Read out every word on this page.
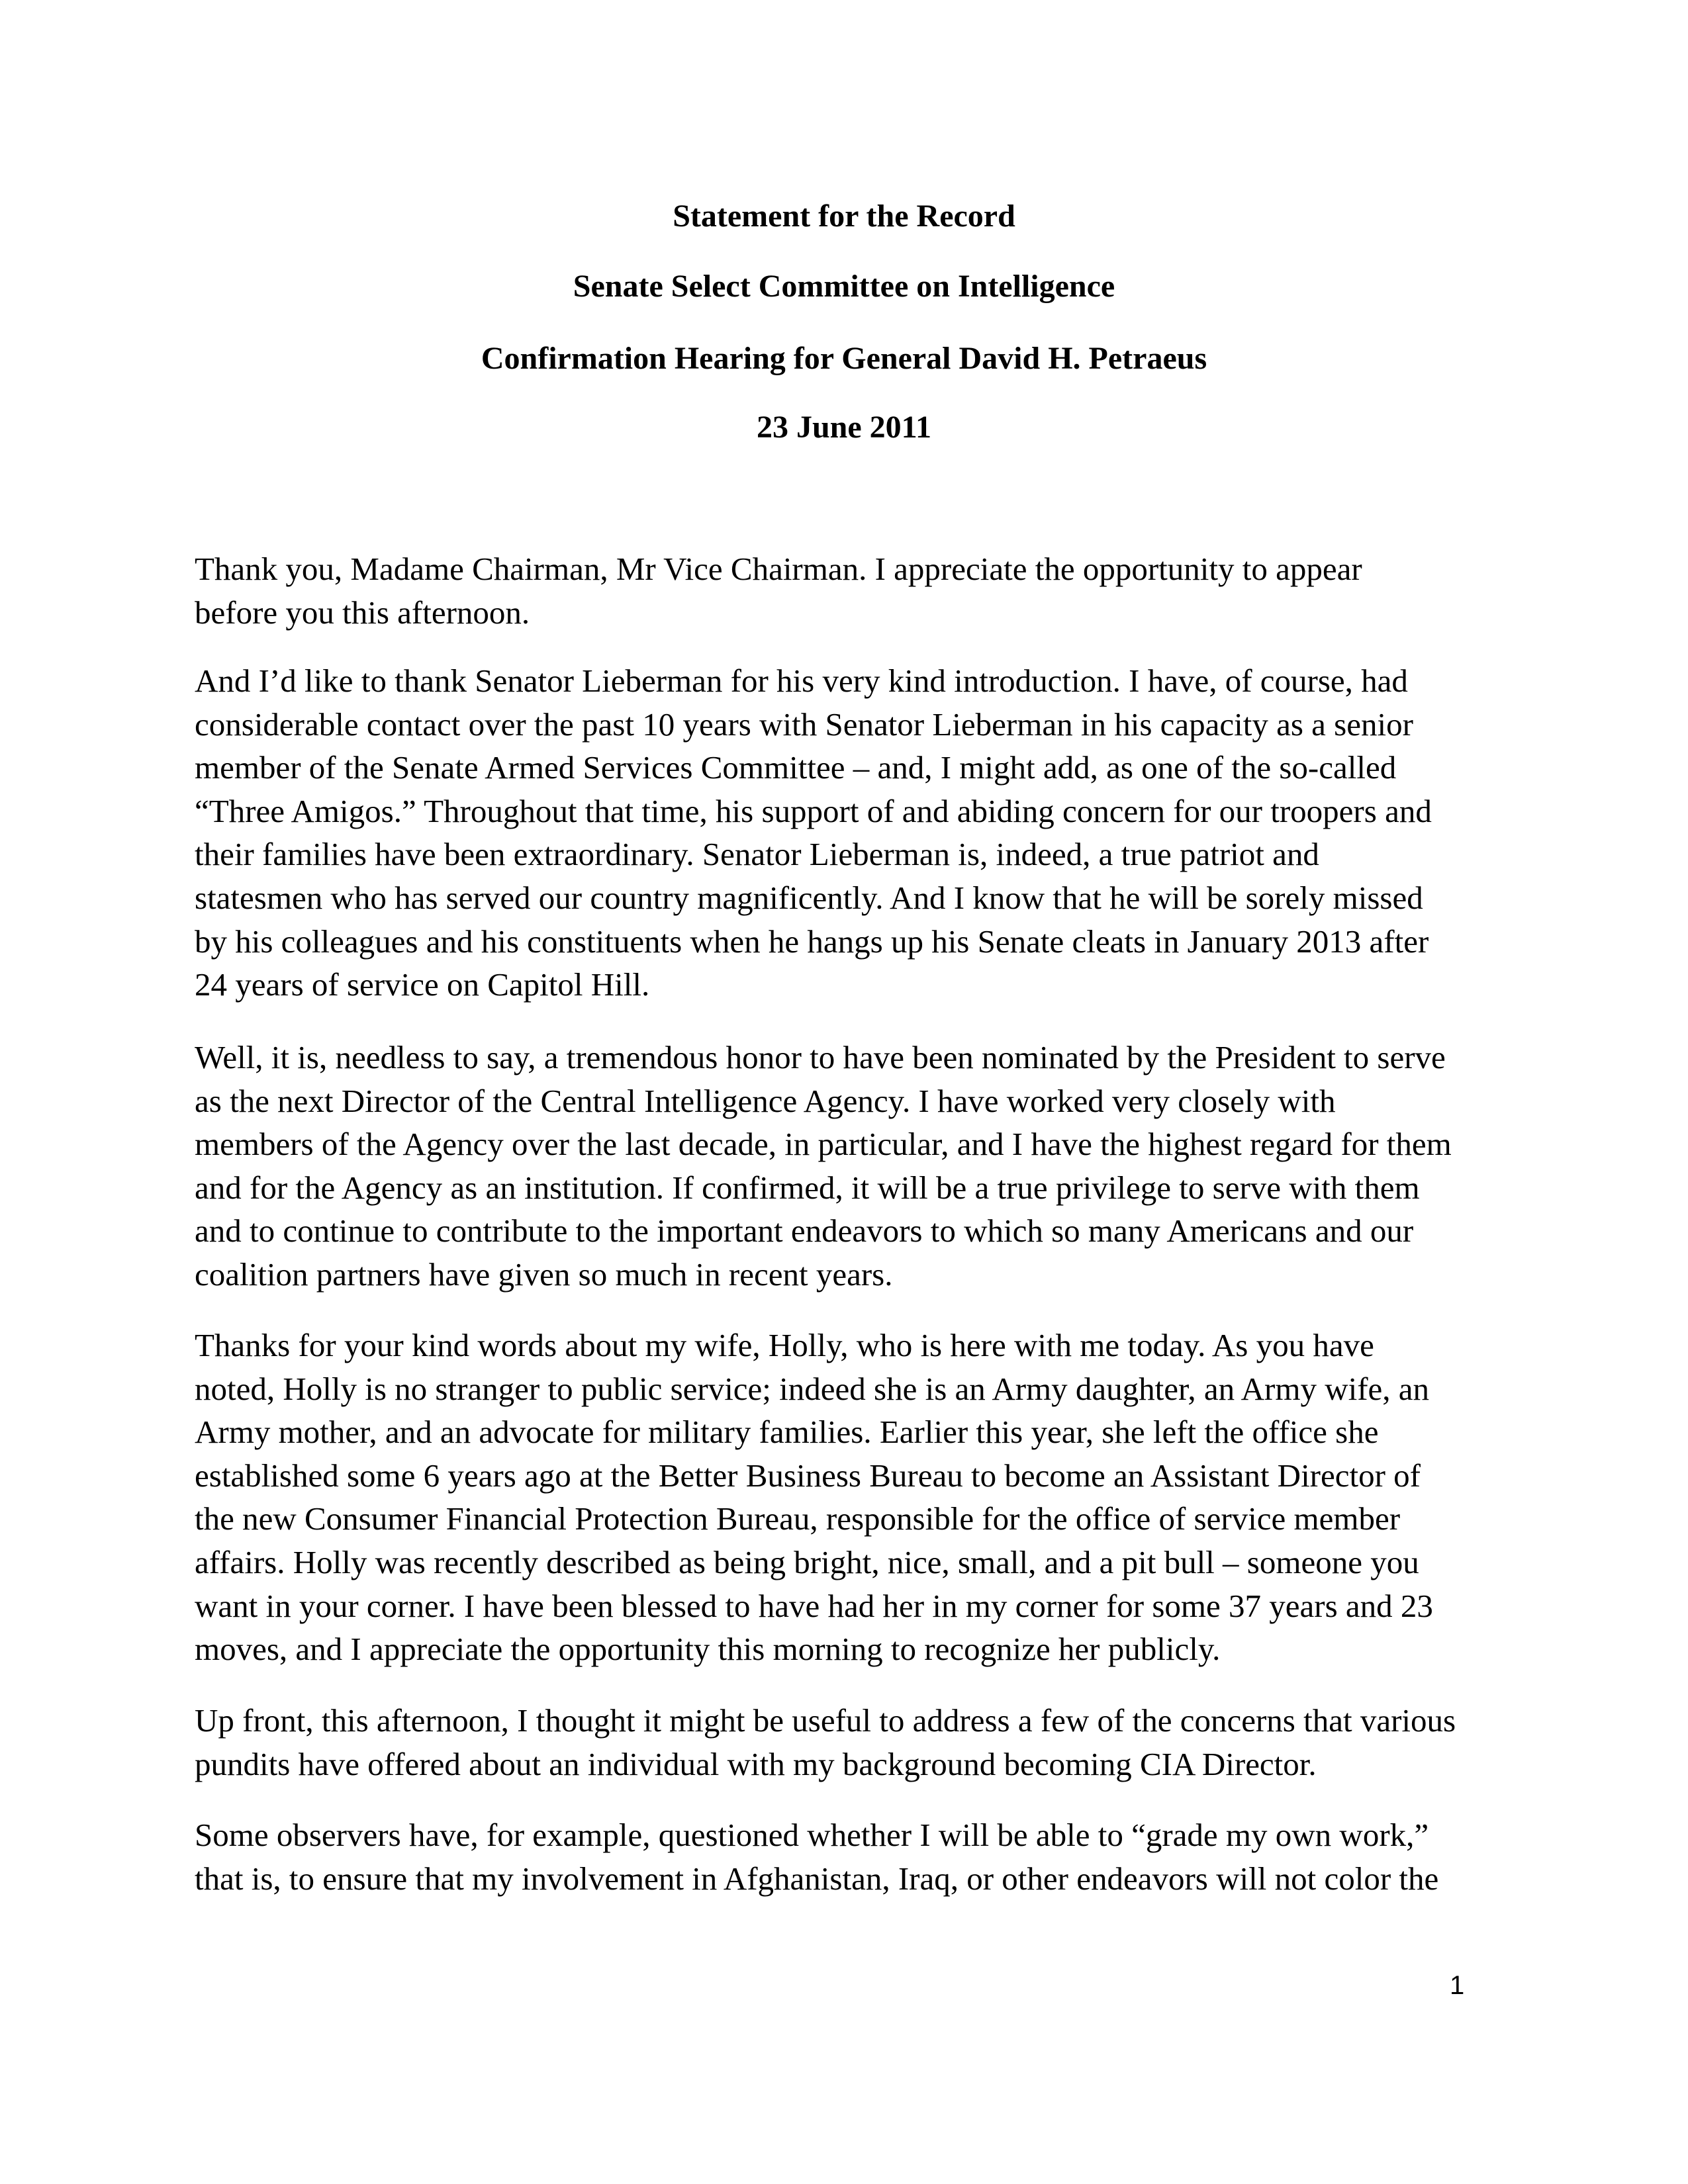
Statement for the Record
Senate Select Committee on Intelligence
Confirmation Hearing for General David H. Petraeus
23 June 2011
Thank you, Madame Chairman, Mr Vice Chairman. I appreciate the opportunity to appear
before you this afternoon.
And I’d like to thank Senator Lieberman for his very kind introduction. I have, of course, had
considerable contact over the past 10 years with Senator Lieberman in his capacity as a senior
member of the Senate Armed Services Committee – and, I might add, as one of the so-called
“Three Amigos.” Throughout that time, his support of and abiding concern for our troopers and
their families have been extraordinary. Senator Lieberman is, indeed, a true patriot and
statesmen who has served our country magnificently. And I know that he will be sorely missed
by his colleagues and his constituents when he hangs up his Senate cleats in January 2013 after
24 years of service on Capitol Hill.
Well, it is, needless to say, a tremendous honor to have been nominated by the President to serve
as the next Director of the Central Intelligence Agency. I have worked very closely with
members of the Agency over the last decade, in particular, and I have the highest regard for them
and for the Agency as an institution. If confirmed, it will be a true privilege to serve with them
and to continue to contribute to the important endeavors to which so many Americans and our
coalition partners have given so much in recent years.
Thanks for your kind words about my wife, Holly, who is here with me today. As you have
noted, Holly is no stranger to public service; indeed she is an Army daughter, an Army wife, an
Army mother, and an advocate for military families. Earlier this year, she left the office she
established some 6 years ago at the Better Business Bureau to become an Assistant Director of
the new Consumer Financial Protection Bureau, responsible for the office of service member
affairs. Holly was recently described as being bright, nice, small, and a pit bull – someone you
want in your corner. I have been blessed to have had her in my corner for some 37 years and 23
moves, and I appreciate the opportunity this morning to recognize her publicly.
Up front, this afternoon, I thought it might be useful to address a few of the concerns that various
pundits have offered about an individual with my background becoming CIA Director.
Some observers have, for example, questioned whether I will be able to “grade my own work,”
that is, to ensure that my involvement in Afghanistan, Iraq, or other endeavors will not color the
1
